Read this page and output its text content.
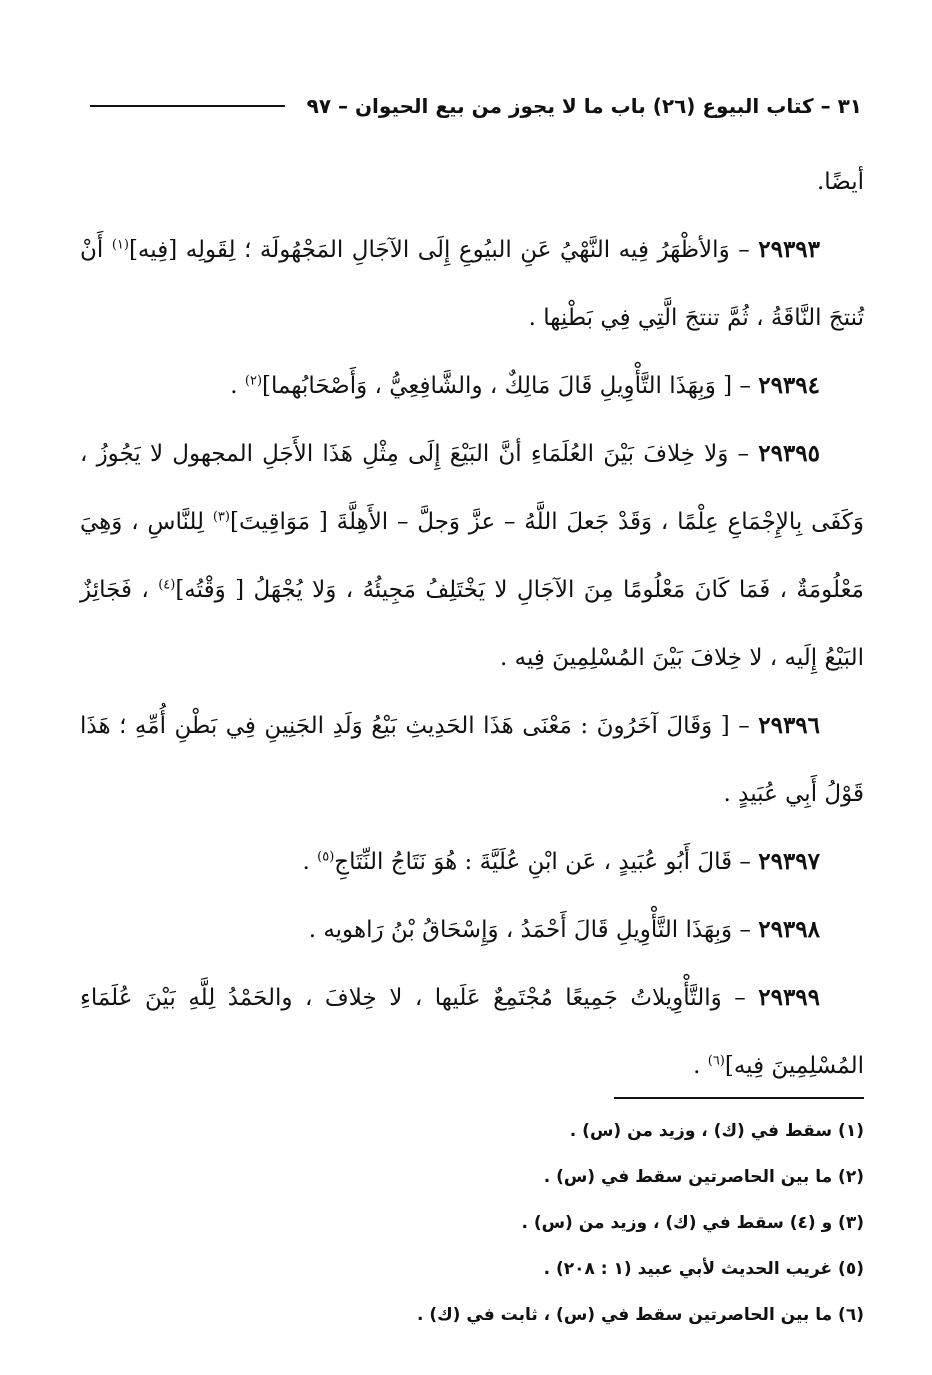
٣١ – كتاب البيوع (٢٦) باب ما لا يجوز من بيع الحيوان – ٩٧

أيضًا.

٢٩٣٩٣ – وَالأظْهَرُ فِيه النَّهْيُ عَنِ البيُوعِ إِلَى الآجَالِ المَجْهُولَة ؛ لِقَولِه [فِيه]$^{(١)}$ أَنْ تُنتجَ النَّاقَةُ ، ثُمَّ تنتجَ الَّتِي فِي بَطْنِها .

٢٩٣٩٤ – [ وَبِهَذَا التَّأْوِيلِ قَالَ مَالِكٌ ، والشَّافِعِيُّ ، وَأَصْحَابُهما]$^{(٢)}$ .

٢٩٣٩٥ – وَلا خِلافَ بَيْنَ العُلَمَاءِ أنَّ البَيْعَ إِلَى مِثْلِ هَذَا الأَجَلِ المجهول لا يَجُوزُ ، وَكَفَى بِالإِجْمَاعِ عِلْمًا ، وَقَدْ جَعلَ اللَّهُ – عزَّ وَجلَّ – الأَهِلَّةَ [ مَوَاقِيتَ]$^{(٣)}$ لِلنَّاسِ ، وَهِيَ مَعْلُومَةٌ ، فَمَا كَانَ مَعْلُومًا مِنَ الآجَالِ لا يَخْتَلِفُ مَجِيئُهُ ، وَلا يُجْهَلُ [ وَقْتُه]$^{(٤)}$ ، فَجَائِزٌ البَيْعُ إِلَيه ، لا خِلافَ بَيْنَ المُسْلِمِينَ فِيه .

٢٩٣٩٦ – [ وَقَالَ آخَرُونَ : مَعْنَى هَذَا الحَدِيثِ بَيْعُ وَلَدِ الجَنِينِ فِي بَطْنِ أُمِّهِ ؛ هَذَا قَوْلُ أَبِي عُبَيدٍ .

٢٩٣٩٧ – قَالَ أَبُو عُبَيدٍ ، عَن ابْنِ عُلَيَّةَ : هُوَ نَتَاجُ النِّتَاجِ$^{(٥)}$ .

٢٩٣٩٨ – وَبِهَذَا التَّأْوِيلِ قَالَ أَحْمَدُ ، وَإِسْحَاقُ بْنُ رَاهويه .

٢٩٣٩٩ – وَالتَّأْوِيلاتُ جَمِيعًا مُجْتَمِعٌ عَلَيها ، لا خِلافَ ، والحَمْدُ لِلَّهِ بَيْنَ عُلَمَاءِ المُسْلِمِينَ فِيه]$^{(٦)}$ .

(١) سقط في (ك) ، وزيد من (س) .

(٢) ما بين الحاصرتين سقط في (س) .

(٣) و (٤) سقط في (ك) ، وزيد من (س) .

(٥) غريب الحديث لأبي عبيد (١ : ٢٠٨) .

(٦) ما بين الحاصرتين سقط في (س) ، ثابت في (ك) .
